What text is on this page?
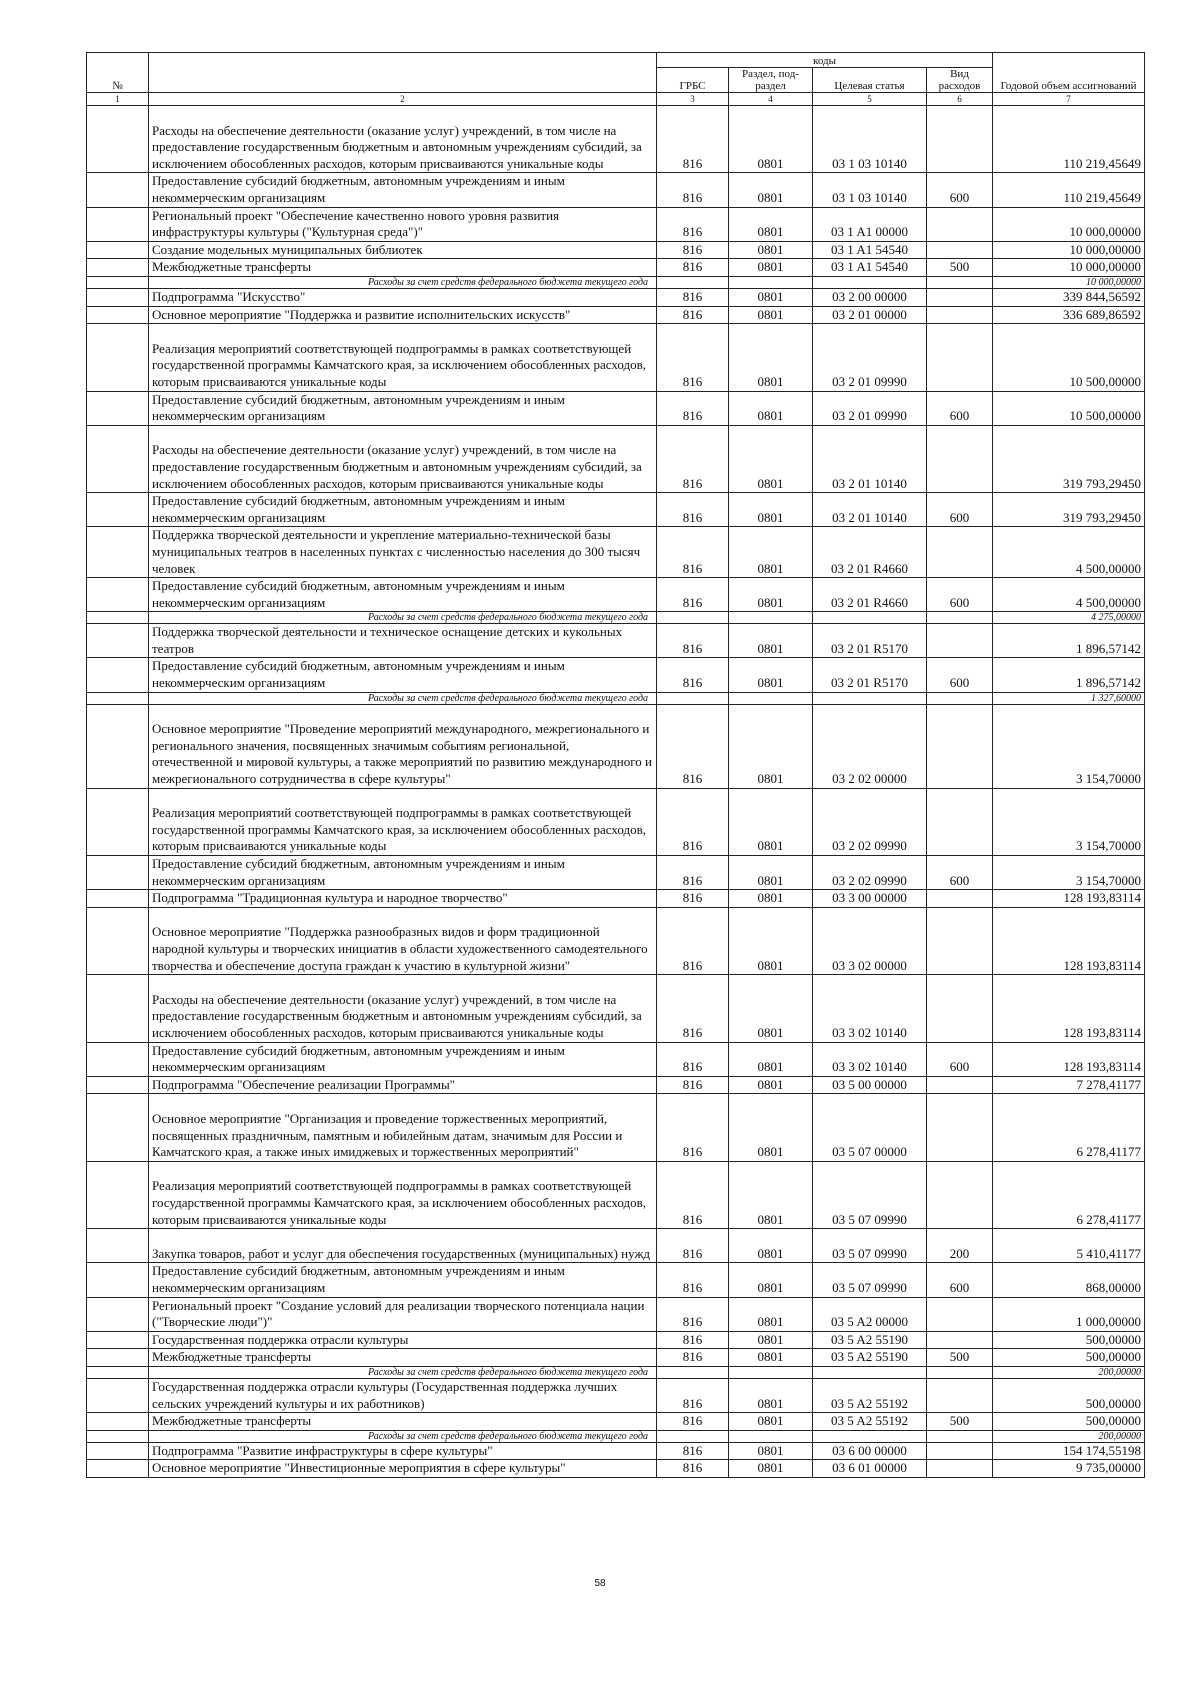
№		коды				Годовой объем ассигнований
		ГРБС	Раздел, под-раздел	Целевая статья	Вид расходов	
1	2	3	4	5	6	7
	Расходы на обеспечение деятельности (оказание услуг) учреждений, в том числе на предоставление государственным бюджетным и автономным учреждениям субсидий, за исключением обособленных расходов, которым присваиваются уникальные коды	816	0801	03 1 03 10140		110 219,45649
	Предоставление субсидий бюджетным, автономным учреждениям и иным некоммерческим организациям	816	0801	03 1 03 10140	600	110 219,45649
	Региональный проект "Обеспечение качественно нового уровня развития инфраструктуры культуры ("Культурная среда")"	816	0801	03 1 A1 00000		10 000,00000
	Создание модельных муниципальных библиотек	816	0801	03 1 A1 54540		10 000,00000
	Межбюджетные трансферты	816	0801	03 1 A1 54540	500	10 000,00000
	Расходы за счет средств федерального бюджета текущего года					10 000,00000
	Подпрограмма "Искусство"	816	0801	03 2 00 00000		339 844,56592
	Основное мероприятие "Поддержка и развитие исполнительских искусств"	816	0801	03 2 01 00000		336 689,86592
	Реализация мероприятий соответствующей подпрограммы в рамках соответствующей государственной программы Камчатского края, за исключением обособленных расходов, которым присваиваются уникальные коды	816	0801	03 2 01 09990		10 500,00000
	Предоставление субсидий бюджетным, автономным учреждениям и иным некоммерческим организациям	816	0801	03 2 01 09990	600	10 500,00000
	Расходы на обеспечение деятельности (оказание услуг) учреждений, в том числе на предоставление государственным бюджетным и автономным учреждениям субсидий, за исключением обособленных расходов, которым присваиваются уникальные коды	816	0801	03 2 01 10140		319 793,29450
	Предоставление субсидий бюджетным, автономным учреждениям и иным некоммерческим организациям	816	0801	03 2 01 10140	600	319 793,29450
	Поддержка творческой деятельности и укрепление материально-технической базы муниципальных театров в населенных пунктах с численностью населения до 300 тысяч человек	816	0801	03 2 01 R4660		4 500,00000
	Предоставление субсидий бюджетным, автономным учреждениям и иным некоммерческим организациям	816	0801	03 2 01 R4660	600	4 500,00000
	Расходы за счет средств федерального бюджета текущего года					4 275,00000
	Поддержка творческой деятельности и техническое оснащение детских и кукольных театров	816	0801	03 2 01 R5170		1 896,57142
	Предоставление субсидий бюджетным, автономным учреждениям и иным некоммерческим организациям	816	0801	03 2 01 R5170	600	1 896,57142
	Расходы за счет средств федерального бюджета текущего года					1 327,60000
	Основное мероприятие "Проведение мероприятий международного, межрегионального и регионального значения, посвященных значимым событиям региональной, отечественной и мировой культуры, а также мероприятий по развитию международного и межрегионального сотрудничества в сфере культуры"	816	0801	03 2 02 00000		3 154,70000
	Реализация мероприятий соответствующей подпрограммы в рамках соответствующей государственной программы Камчатского края, за исключением обособленных расходов, которым присваиваются уникальные коды	816	0801	03 2 02 09990		3 154,70000
	Предоставление субсидий бюджетным, автономным учреждениям и иным некоммерческим организациям	816	0801	03 2 02 09990	600	3 154,70000
	Подпрограмма "Традиционная культура и народное творчество"	816	0801	03 3 00 00000		128 193,83114
	Основное мероприятие "Поддержка разнообразных видов и форм традиционной народной культуры и творческих инициатив в области художественного самодеятельного творчества и обеспечение доступа граждан к участию в культурной жизни"	816	0801	03 3 02 00000		128 193,83114
	Расходы на обеспечение деятельности (оказание услуг) учреждений, в том числе на предоставление государственным бюджетным и автономным учреждениям субсидий, за исключением обособленных расходов, которым присваиваются уникальные коды	816	0801	03 3 02 10140		128 193,83114
	Предоставление субсидий бюджетным, автономным учреждениям и иным некоммерческим организациям	816	0801	03 3 02 10140	600	128 193,83114
	Подпрограмма "Обеспечение реализации Программы"	816	0801	03 5 00 00000		7 278,41177
	Основное мероприятие "Организация и проведение торжественных мероприятий, посвященных праздничным, памятным и юбилейным датам, значимым для России и Камчатского края, а также иных имиджевых и торжественных мероприятий"	816	0801	03 5 07 00000		6 278,41177
	Реализация мероприятий соответствующей подпрограммы в рамках соответствующей государственной программы Камчатского края, за исключением обособленных расходов, которым присваиваются уникальные коды	816	0801	03 5 07 09990		6 278,41177
	Закупка товаров, работ и услуг для обеспечения государственных (муниципальных) нужд	816	0801	03 5 07 09990	200	5 410,41177
	Предоставление субсидий бюджетным, автономным учреждениям и иным некоммерческим организациям	816	0801	03 5 07 09990	600	868,00000
	Региональный проект "Создание условий для реализации творческого потенциала нации ("Творческие люди")"	816	0801	03 5 A2 00000		1 000,00000
	Государственная поддержка отрасли культуры	816	0801	03 5 A2 55190		500,00000
	Межбюджетные трансферты	816	0801	03 5 A2 55190	500	500,00000
	Расходы за счет средств федерального бюджета текущего года					200,00000
	Государственная поддержка отрасли культуры (Государственная поддержка лучших сельских учреждений культуры и их работников)	816	0801	03 5 A2 55192		500,00000
	Межбюджетные трансферты	816	0801	03 5 A2 55192	500	500,00000
	Расходы за счет средств федерального бюджета текущего года					200,00000
	Подпрограмма "Развитие инфраструктуры в сфере культуры"	816	0801	03 6 00 00000		154 174,55198
	Основное мероприятие "Инвестиционные мероприятия в сфере культуры"	816	0801	03 6 01 00000		9 735,00000
58
